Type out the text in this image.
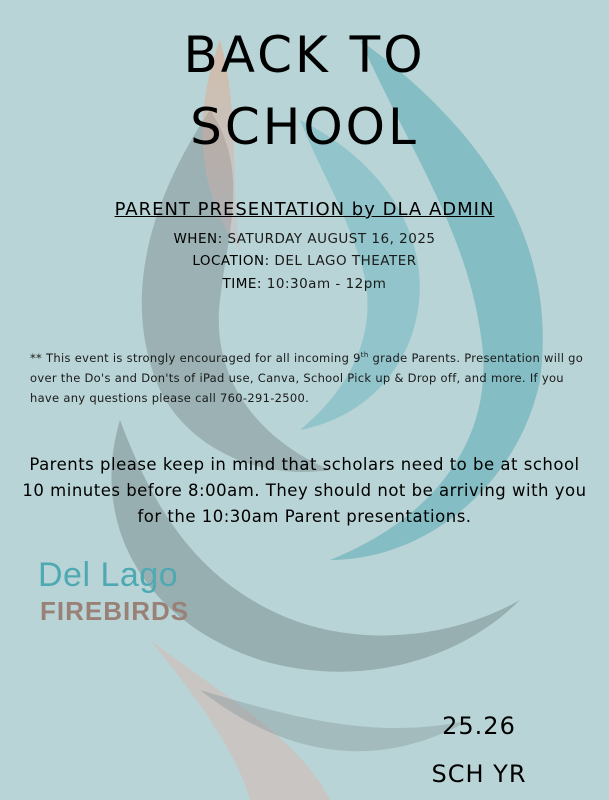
BACK TO
SCHOOL
PARENT PRESENTATION by DLA ADMIN
WHEN: SATURDAY AUGUST 16, 2025
LOCATION: DEL LAGO THEATER
TIME: 10:30am - 12pm
** This event is strongly encouraged for all incoming 9th grade Parents. Presentation will go over the Do's and Don'ts of iPad use, Canva, School Pick up & Drop off, and more. If you have any questions please call 760-291-2500.
Parents please keep in mind that scholars need to be at school 10 minutes before 8:00am. They should not be arriving with you for the 10:30am Parent presentations.
Del Lago
FIREBIRDS
25.26
SCH YR
